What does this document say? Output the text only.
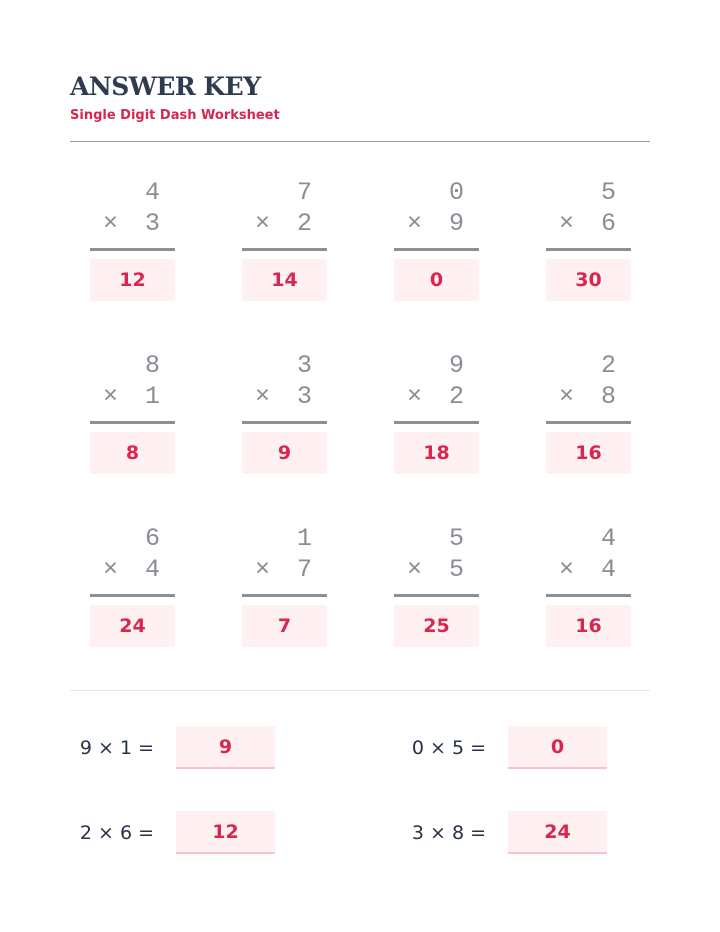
ANSWER KEY
Single Digit Dash Worksheet
4
× 3
12
7
× 2
14
0
× 9
0
5
× 6
30
8
× 1
8
3
× 3
9
9
× 2
18
2
× 8
16
6
× 4
24
1
× 7
7
5
× 5
25
4
× 4
16
9 × 1 =	9	0 × 5 =	0
2 × 6 =	12	3 × 8 =	24
